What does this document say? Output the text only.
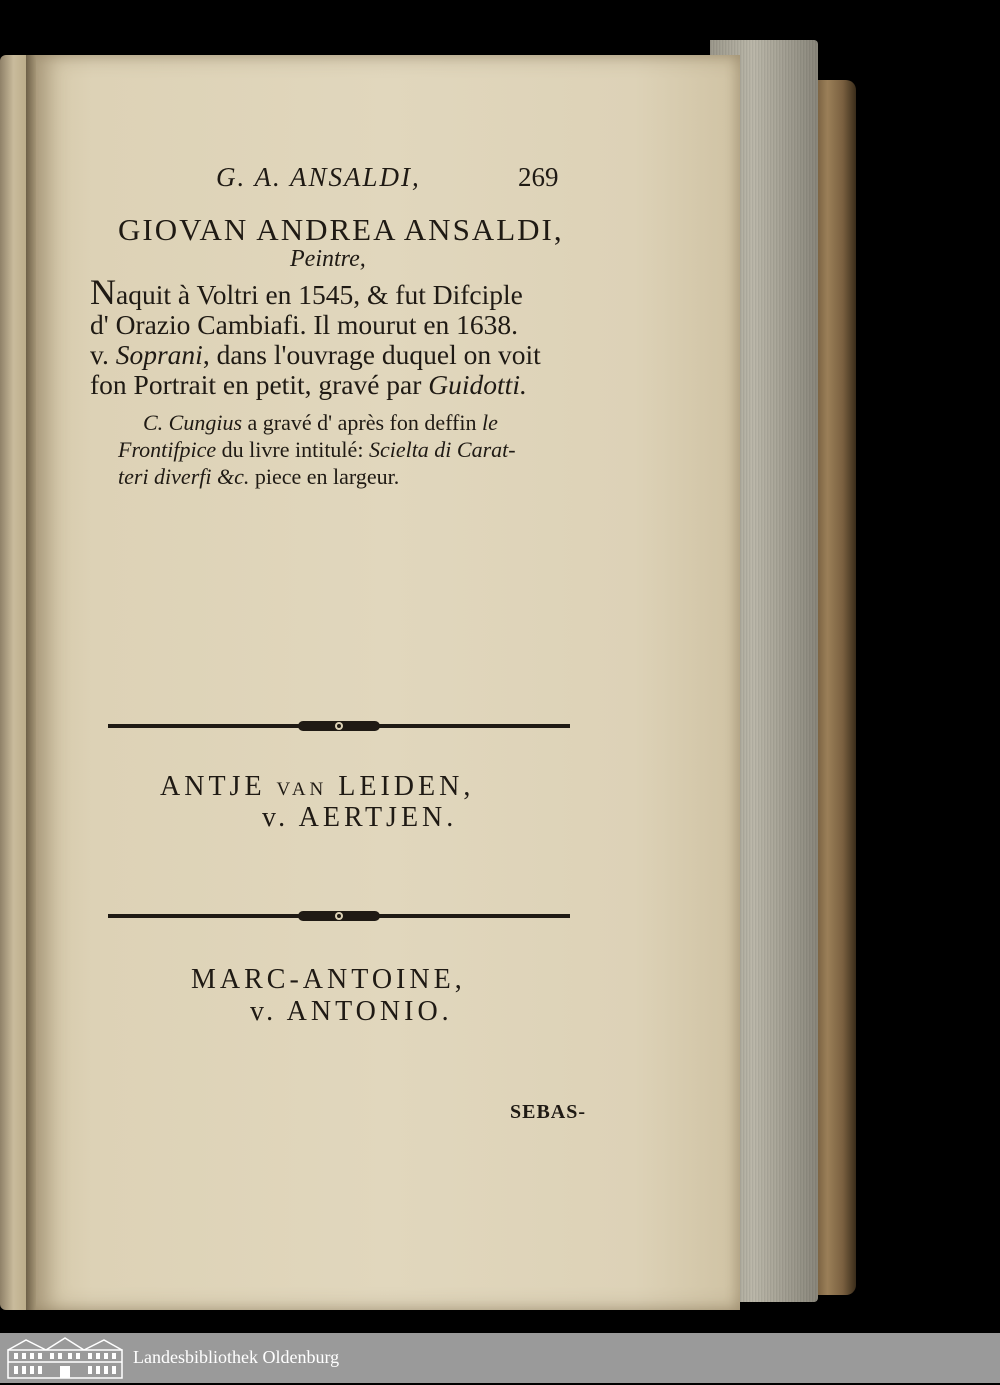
G. A. ANSALDI,	269
GIOVAN ANDREA ANSALDI,
Peintre,
Naquit à Voltri en 1545, & fut Difciple
d' Orazio Cambiafi. Il mourut en 1638.
v. Soprani, dans l'ouvrage duquel on voit
fon Portrait en petit, gravé par Guidotti.
C. Cungius a gravé d' après fon deffin le
Frontifpice du livre intitulé: Scielta di Carat-
teri diverfi &c. piece en largeur.
ANTJE VAN LEIDEN,
v. AERTJEN.
MARC-ANTOINE,
v. ANTONIO.
SEBAS-
Landesbibliothek Oldenburg
